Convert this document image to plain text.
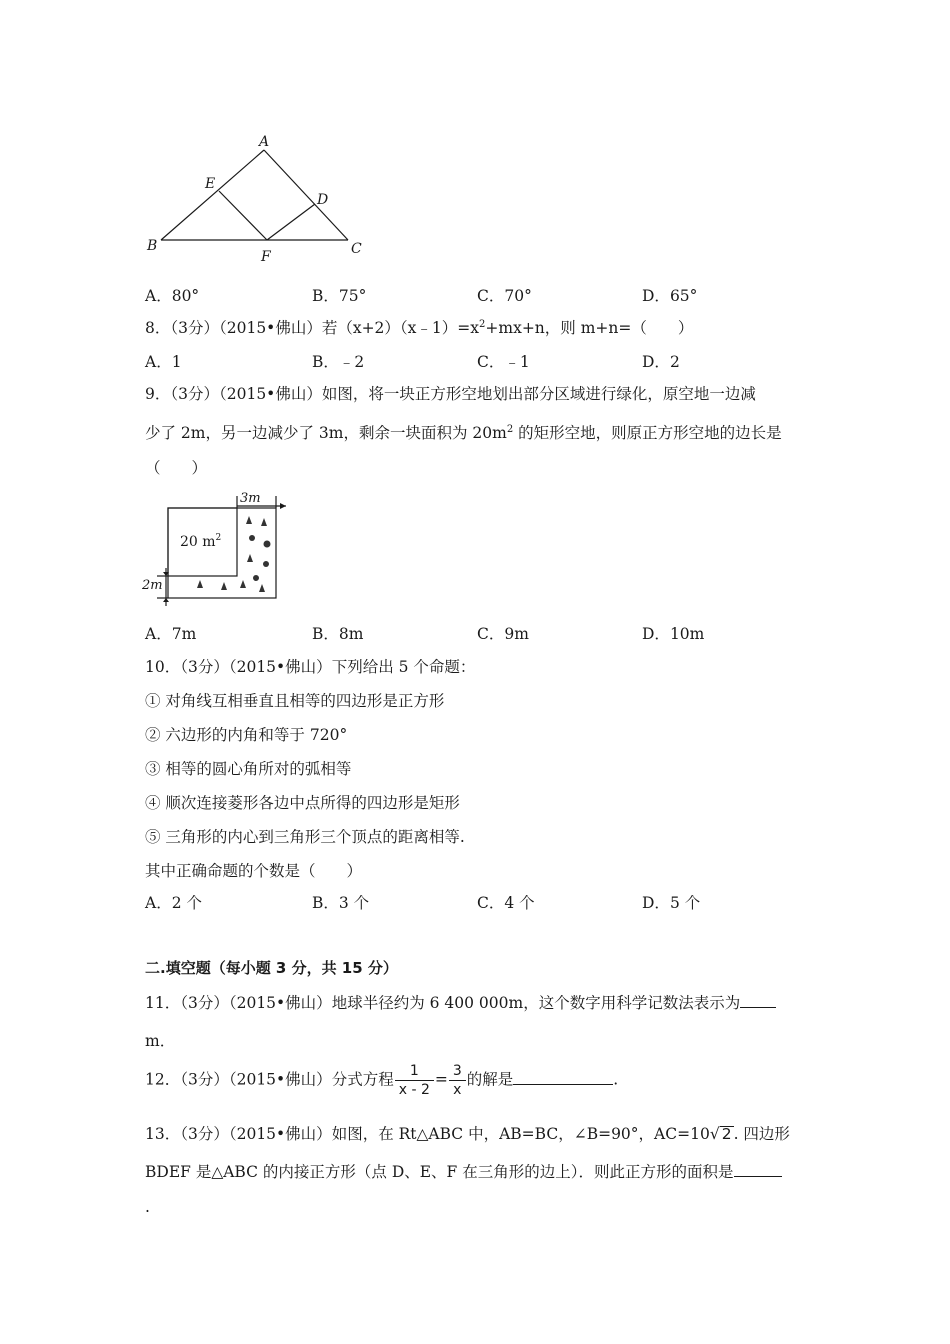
A
B	C
D
E
F
A．80°	B．75°	C．70°	D．65°
8．（3分）（2015•佛山）若$(x+2)(x﹣1)=x^2+mx+n$，则 m+n=（　　）
A．1	B．﹣2	C．﹣1	D．2
9．（3分）（2015•佛山）如图，将一块正方形空地划出部分区域进行绿化，原空地一边减
少了 2m，另一边减少了 3m，剩余一块面积为 $20m^2$ 的矩形空地，则原正方形空地的边长是
（　　）
20 $m^2$
3m
2m
A．7m	B．8m	C．9m	D．10m
10．（3分）（2015•佛山）下列给出 5 个命题：
① 对角线互相垂直且相等的四边形是正方形
② 六边形的内角和等于 720°
③ 相等的圆心角所对的弧相等
④ 顺次连接菱形各边中点所得的四边形是矩形
⑤ 三角形的内心到三角形三个顶点的距离相等.
其中正确命题的个数是（　　）
A．2 个	B．3 个	C．4 个	D．5 个
二.填空题（每小题 3 分，共 15 分）
11．（3分）（2015•佛山）地球半径约为 6 400 000m，这个数字用科学记数法表示为
m．
12．（3分）（2015•佛山）分式方程 $\frac{1}{x - 2} = \frac{3}{x}$ 的解是	.
13．（3分）（2015•佛山）如图，在 Rt△ABC 中，AB=BC，∠B=90°，AC=10√ 2 . 四边形
BDEF 是△ABC 的内接正方形（点 D、E、F 在三角形的边上）．则此正方形的面积是
.
